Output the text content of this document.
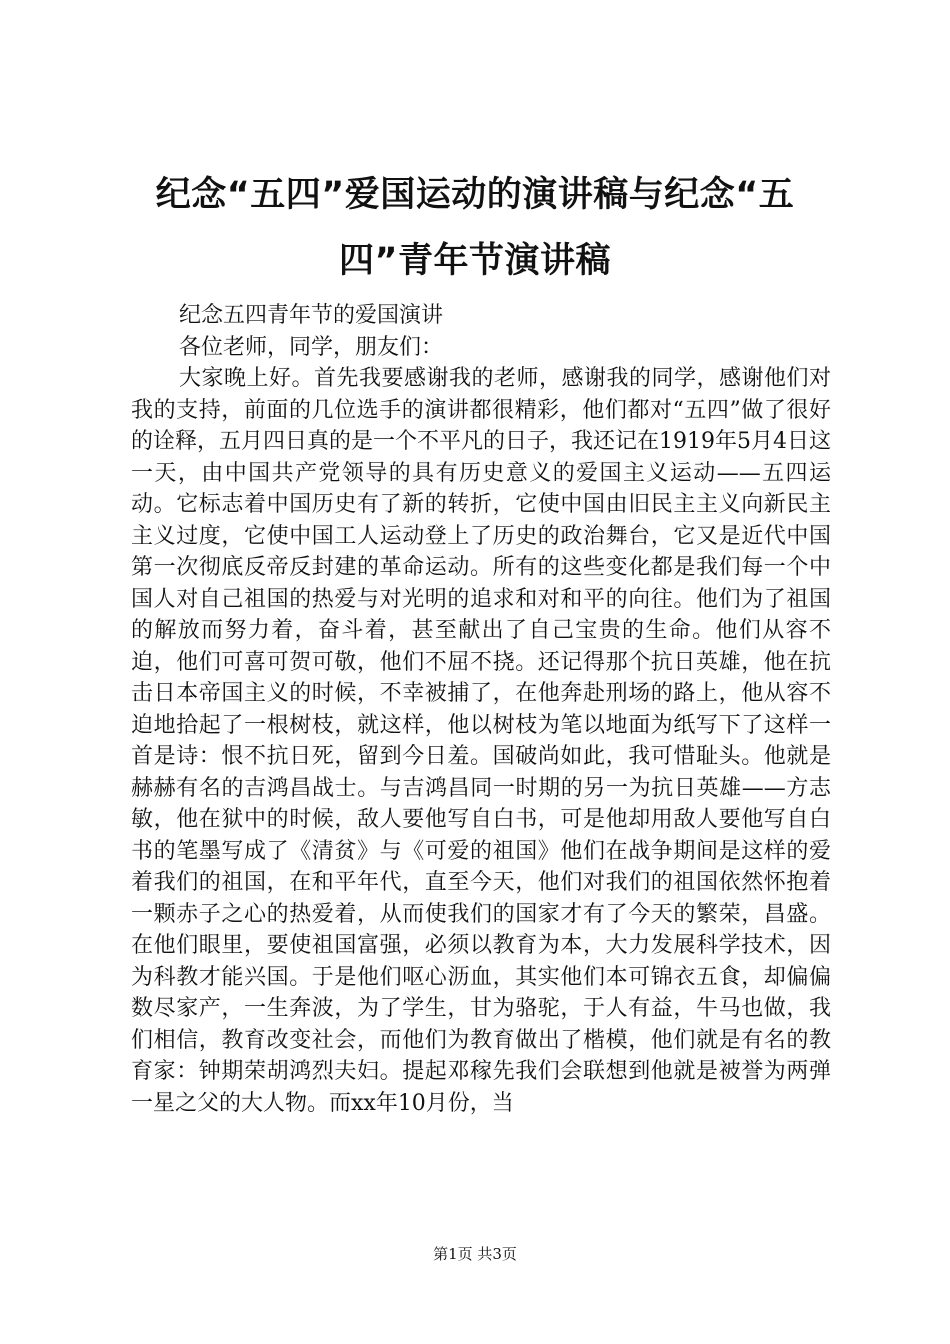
纪念“五四”爱国运动的演讲稿与纪念“五四”青年节演讲稿

纪念五四青年节的爱国演讲

各位老师，同学，朋友们：

大家晚上好。首先我要感谢我的老师，感谢我的同学，感谢他们对我的支持，前面的几位选手的演讲都很精彩，他们都对“五四”做了很好的诠释，五月四日真的是一个不平凡的日子，我还记在1919年5月4日这一天，由中国共产党领导的具有历史意义的爱国主义运动——五四运动。它标志着中国历史有了新的转折，它使中国由旧民主主义向新民主主义过度，它使中国工人运动登上了历史的政治舞台，它又是近代中国第一次彻底反帝反封建的革命运动。所有的这些变化都是我们每一个中国人对自己祖国的热爱与对光明的追求和对和平的向往。他们为了祖国的解放而努力着，奋斗着，甚至献出了自己宝贵的生命。他们从容不迫，他们可喜可贺可敬，他们不屈不挠。还记得那个抗日英雄，他在抗击日本帝国主义的时候，不幸被捕了，在他奔赴刑场的路上，他从容不迫地拾起了一根树枝，就这样，他以树枝为笔以地面为纸写下了这样一首是诗：恨不抗日死，留到今日羞。国破尚如此，我可惜耻头。他就是赫赫有名的吉鸿昌战士。与吉鸿昌同一时期的另一为抗日英雄——方志敏，他在狱中的时候，敌人要他写自白书，可是他却用敌人要他写自白书的笔墨写成了《清贫》与《可爱的祖国》他们在战争期间是这样的爱着我们的祖国，在和平年代，直至今天，他们对我们的祖国依然怀抱着一颗赤子之心的热爱着，从而使我们的国家才有了今天的繁荣，昌盛。在他们眼里，要使祖国富强，必须以教育为本，大力发展科学技术，因为科教才能兴国。于是他们呕心沥血，其实他们本可锦衣五食，却偏偏数尽家产，一生奔波，为了学生，甘为骆驼，于人有益，牛马也做，我们相信，教育改变社会，而他们为教育做出了楷模，他们就是有名的教育家：钟期荣胡鸿烈夫妇。提起邓稼先我们会联想到他就是被誉为两弹一星之父的大人物。而xx年10月份，当

第1页 共3页
